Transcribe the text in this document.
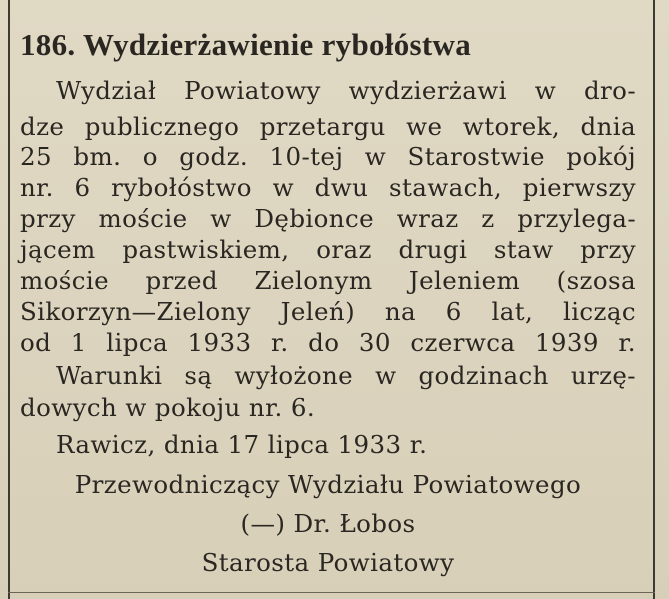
186. Wydzierżawienie rybołóstwa
Wydział Powiatowy wydzierżawi w dro-
dze publicznego przetargu we wtorek, dnia
25 bm. o godz. 10-tej w Starostwie pokój
nr. 6 rybołóstwo w dwu stawach, pierwszy
przy moście w Dębioncе wraz z przylega-
jącem pastwiskiem, oraz drugi staw przy
moście przed Zielonym Jeleniem (szosa
Sikorzyn—Zielony Jeleń) na 6 lat, licząc
od 1 lipca 1933 r. do 30 czerwca 1939 r.
Warunki są wyłożone w godzinach urzę-
dowych w pokoju nr. 6.
Rawicz, dnia 17 lipca 1933 r.
Przewodniczący Wydziału Powiatowego
(—) Dr. Łobos
Starosta Powiatowy
